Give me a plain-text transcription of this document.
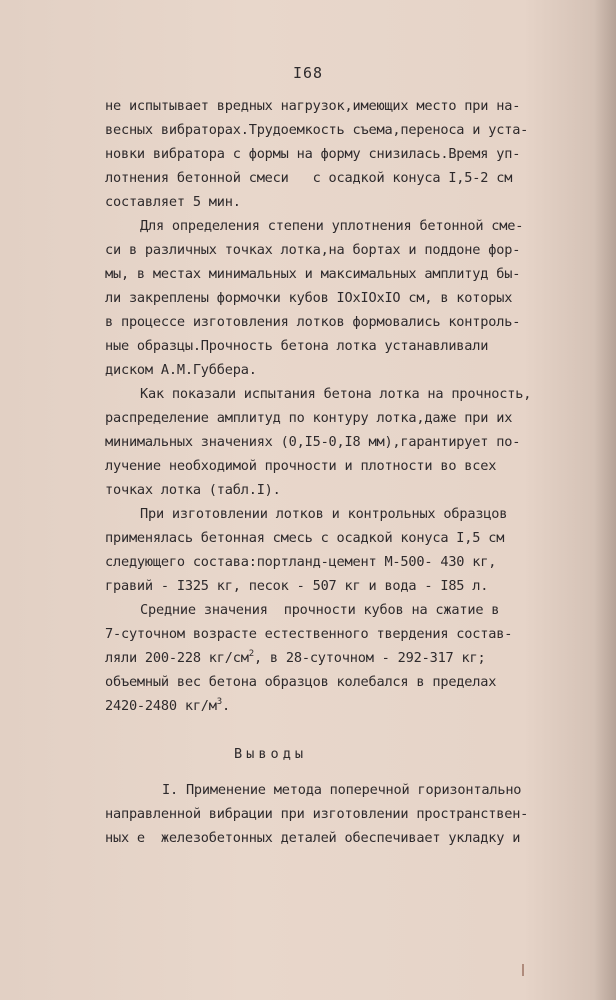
I68
не испытывает вредных нагрузок,имеющих место при на-
весных вибраторах.Трудоемкость съема,переноса и уста-
новки вибратора с формы на форму снизилась.Время уп-
лотнения бетонной смеси   с осадкой конуса I,5-2 см
составляет 5 мин.
Для определения степени уплотнения бетонной сме-
си в различных точках лотка,на бортах и поддоне фор-
мы, в местах минимальных и максимальных амплитуд бы-
ли закреплены формочки кубов IOxIOxIO см, в которых
в процессе изготовления лотков формовались контроль-
ные образцы.Прочность бетона лотка устанавливали
диском А.М.Губбера.
Как показали испытания бетона лотка на прочность,
распределение амплитуд по контуру лотка,даже при их
минимальных значениях (0,I5-0,I8 мм),гарантирует по-
лучение необходимой прочности и плотности во всех
точках лотка (табл.I).
При изготовлении лотков и контрольных образцов
применялась бетонная смесь с осадкой конуса I,5 см
следующего состава:портланд-цемент М-500- 430 кг,
гравий - I325 кг, песок - 507 кг и вода - I85 л.
Средние значения  прочности кубов на сжатие в
7-суточном возрасте естественного твердения состав-
ляли 200-228 $кг/см^2$, в 28-суточном - 292-317 кг;
объемный вес бетона образцов колебался в пределах
2420-2480 $кг/м^3$.
Выводы
I. Применение метода поперечной горизонтально
направленной вибрации при изготовлении пространствен-
ных е  железобетонных деталей обеспечивает укладку и
